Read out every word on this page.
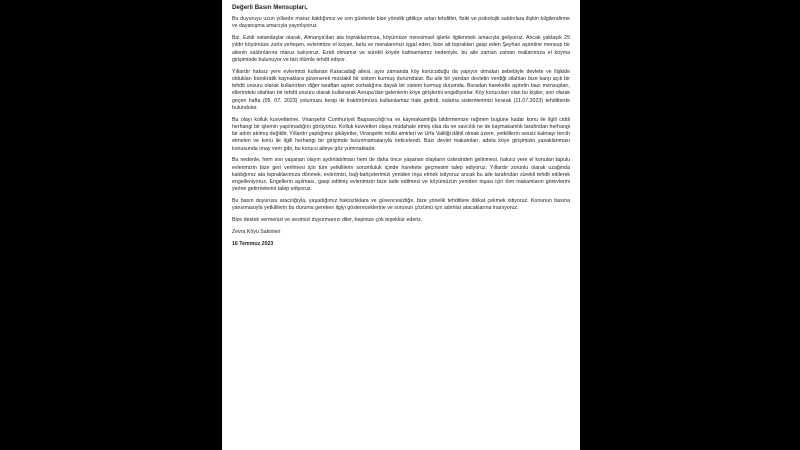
Değerli Basın Mensupları,

Bu duyuruyu uzun yıllardır maruz kaldığımız ve son günlerde bize yönelik gittikçe artan tehditler, fiziki ve psikolojik saldırılara ilişkin bilgilendirme ve dayanışma amacıyla yayınlıyoruz.

Biz, Ezidi vatandaşlar olarak, Almanya'dan ata topraklarımıza, köyümüze mevsimsel işlerle ilgilenmek amacıyla geliyoruz. Ancak yaklaşık 25 yıldır köyümüze zorla yerleşen, evlerimize el koyan, tarla ve meralarımızı işgal eden, bize ait toprakları gasp eden Şeyhan aşiretine mensup bir ailenin saldırılarına maruz kalıyoruz. Ezidi olmamız ve sürekli köyde kalmamamız nedeniyle, bu aile zaman zaman mallarımıza el koyma girişiminde bulunuyor ve bizi ölümle tehdit ediyor.

Yıllardır haksız yere evlerimizi kullanan Karacadağ ailesi, aynı zamanda köy korucuduğu da yapıyor olmaları sebebiyle devlete ve ilişkide oldukları bürokratik kaynaklara güvenerek müstakil bir sistem kurmuş durumdalar. Bu aile bir yandan devletin verdiği silahları bize karşı açık bir tehdit unsuru olarak kullanırken diğer taraftan aşiret zorbalığına dayalı bir sistem kurmuş durumda. Buradan hareketle aşiretin bazı mensupları, ellerindeki silahları bir tehdit unsuru olarak kullanarak Avrupa'dan gelenlerin köye girişlerini engelliyorlar. Köy korucuları olan bu kişiler, son olarak geçen hafta (05. 07. 2023) yolumuzu kesip iki traktörümüzü kullanılamaz hale getirdi, sulama sistemlerimizi kırarak (11.07.2023) tehditlerde bulundular.

Bu olayı kolluk kuvvetlerine, Viranşehir Cumhuriyet Başsavcılığı'na ve kaymakamlığa bildirmemize rağmen bugüne kadar konu ile ilgili ciddi herhangi bir işlemin yapılmadığını görüyoruz. Kolluk kuvvetleri olaya müdahale etmiş olsa da ne savcılık ne de kaymakamlık tarafından herhangi bir adım atılmış değildir. Yıllardır yaptığımız şikâyetler, Viranşehir mülki amirleri ve Urfa Valiliği dâhil olmak üzere, yetkililerin sessiz kalmayı tercih etmeleri ve konu ile ilgili herhangi bir girişimde bulunmamalarıyla neticelendi. Bazı devlet makamları, adeta köye girişimizin yasaklanması konusunda onay verir gibi, bu korucu aileye göz yummaktadır.

Bu nedenle, hem son yaşanan olayın aydınlatılması hem de daha önce yaşanan olayların üstesinden gelinmesi, haksız yere el konulan tapulu evlerimizin bize geri verilmesi için tüm yetkililerin sorumluluk içinde harekete geçmesini talep ediyoruz. Yıllardır zorunlu olarak uzağında kaldığımız ata topraklarımıza dönmek, evlerimizi, bağ-bahçelerimizi yeniden inşa etmek istiyoruz ancak bu aile tarafından sürekli tehdit edilerek engelleniyoruz. Engellerin aşılması, gasp edilmiş evlerimizin bize iade edilmesi ve köyümüzün yeniden inşası için tüm makamların görevlerini yerine getirmelerini talep ediyoruz.

Bu basın duyurusu aracılığıyla, yaşadığımız haksızlıklara ve güvencesizliğe, bize yönelik tehditlere dikkat çekmek istiyoruz. Konunun basına yansımasıyla yetkililerin bu duruma gereken ilgiyi göstereceklerine ve sorunun çözümü için adımlar atacaklarına inanıyoruz.

Bize destek vermenizi ve sesimizi duyurmanızı diler, hepinize çok teşekkür ederiz.

Zevra Köyü Sakinleri

16 Temmuz 2023
